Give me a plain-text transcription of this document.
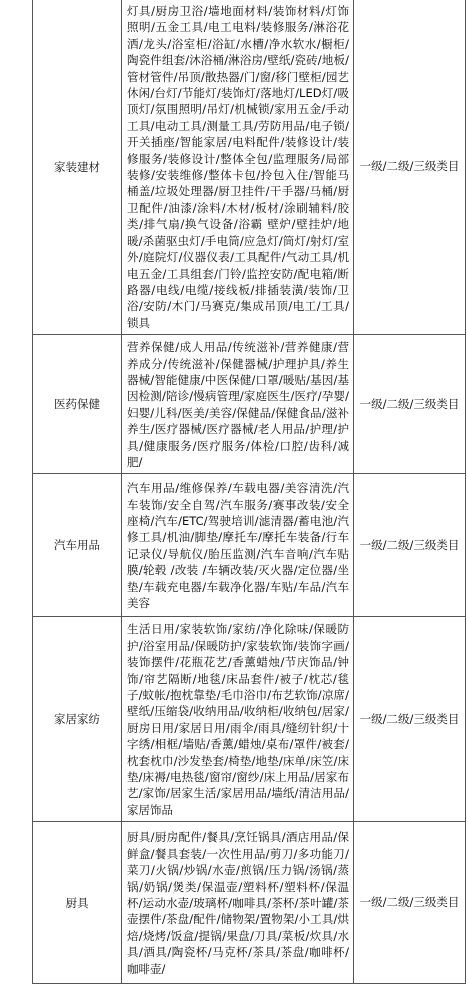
家装建材	灯具/厨房卫浴/墙地面材料/装饰材料/灯饰照明/五金工具/电工电料/装修服务/淋浴花洒/龙头/浴室柜/浴缸/水槽/净水软水/橱柜/陶瓷件组套/沐浴桶/淋浴房/壁纸/瓷砖/地板/管材管件/吊顶/散热器/门/窗/移门壁柜/园艺休闲/台灯/节能灯/装饰灯/落地灯/LED灯/吸顶灯/氛围照明/吊灯/机械锁/家用五金/手动工具/电动工具/测量工具/劳防用品/电子锁/开关插座/智能家居/电料配件/装修设计/装修服务/装修设计/整体全包/监理服务/局部装修/安装维修/整体卡包/拎包入住/智能马桶盖/垃圾处理器/厨卫挂件/干手器/马桶/厨卫配件/油漆/涂料/木材/板材/涂刷辅料/胶类/排气扇/换气设备/浴霸 壁炉/壁挂炉/地暖/杀菌驱虫灯/手电筒/应急灯/筒灯/射灯/室外/庭院灯/仪器仪表/工具配件/气动工具/机电五金/工具组套/门铃/监控安防/配电箱/断路器/电线/电缆/接线板/排插装潢/装饰/卫浴/安防/木门/马赛克/集成吊顶/电工/工具/锁具	一级/二级/三级类目
医药保健	营养保健/成人用品/传统滋补/营养健康/营养成分/传统滋补/保健器械/护理护具/养生器械/智能健康/中医保健/口罩/暖贴/基因/基因检测/陪诊/慢病管理/家庭医生/医疗/孕婴/妇婴/儿科/医美/美容/保健品/保健食品/滋补养生/医疗器械/医疗器械/老人用品/护理/护具/健康服务/医疗服务/体检/口腔/齿科/减肥/	一级/二级/三级类目
汽车用品	汽车用品/维修保养/车载电器/美容清洗/汽车装饰/安全自驾/汽车服务/赛事改装/安全座椅/汽车/ETC/驾驶培训/滤清器/蓄电池/汽修工具/机油/脚垫/摩托车/摩托车装备/行车记录仪/导航仪/胎压监测/汽车音响/汽车贴膜/轮毂 /改装 /车辆改装/灭火器/定位器/坐垫/车载充电器/车载净化器/车贴/车品/汽车美容	一级/二级/三级类目
家居家纺	生活日用/家装软饰/家纺/净化除味/保暖防护/浴室用品/保暖防护/家装软饰/装饰字画/装饰摆件/花瓶花艺/香薰蜡烛/节庆饰品/钟饰/帘艺隔断/地毯/床品套件/被子/枕芯/毯子/蚊帐/抱枕靠垫/毛巾浴巾/布艺软饰/凉席/壁纸/压缩袋/收纳用品/收纳柜/收纳包/居家/厨房日用/家居日用/雨伞/雨具/缝纫针织/十字绣/相框/墙贴/香薰/蜡烛/桌布/罩件/被套/枕套枕巾/沙发垫套/椅垫/地垫/床单/床笠/床垫/床褥/电热毯/窗帘/窗纱/床上用品/居家布艺/家饰/居家生活/家居用品/墙纸/清洁用品/家居饰品	一级/二级/三级类目
厨具	厨具/厨房配件/餐具/烹饪锅具/酒店用品/保鲜盒/餐具套装/一次性用品/剪刀/多功能刀/菜刀/火锅/炒锅/水壶/煎锅/压力锅/汤锅/蒸锅/奶锅/煲类/保温壶/塑料杯/塑料杯/保温杯/运动水壶/玻璃杯/咖啡具/茶杯/茶叶罐/茶壶摆件/茶盘/配件/储物架/置物架/小工具/烘焙/烧烤/饭盒/提锅/果盘/刀具/菜板/炊具/水具/酒具/陶瓷杯/马克杯/茶具/茶盘/咖啡杯/咖啡壶/	一级/二级/三级类目
